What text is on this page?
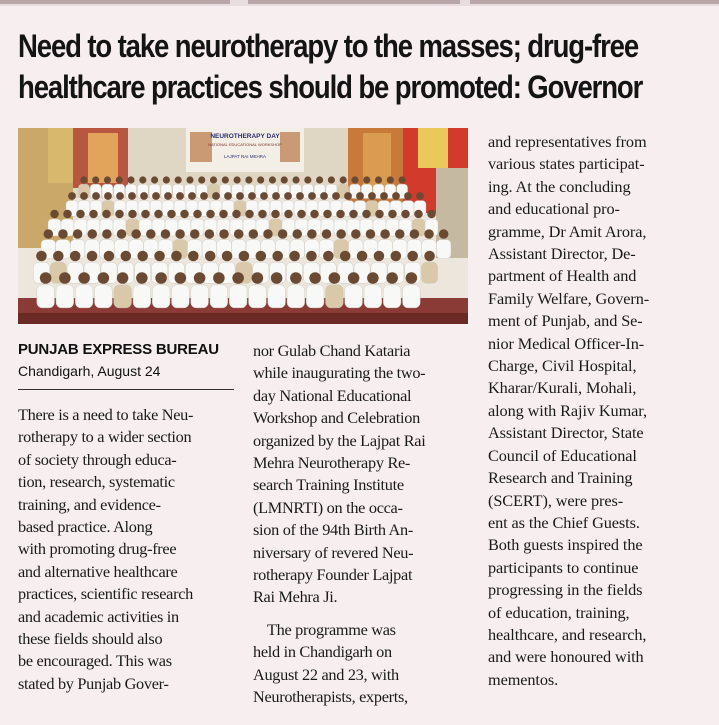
Need to take neurotherapy to the masses; drug-free
healthcare practices should be promoted: Governor
NEUROTHERAPY DAY
NATIONAL EDUCATIONAL WORKSHOP
LAJPAT RAI MEHRA
PUNJAB EXPRESS BUREAU
Chandigarh, August 24
There is a need to take Neu-
rotherapy to a wider section
of society through educa-
tion, research, systematic
training, and evidence-
based practice. Along
with promoting drug-free
and alternative healthcare
practices, scientific research
and academic activities in
these fields should also
be encouraged. This was
stated by Punjab Gover-
nor Gulab Chand Kataria
while inaugurating the two-
day National Educational
Workshop and Celebration
organized by the Lajpat Rai
Mehra Neurotherapy Re-
search Training Institute
(LMNRTI) on the occa-
sion of the 94th Birth An-
niversary of revered Neu-
rotherapy Founder Lajpat
Rai Mehra Ji.
The programme was
held in Chandigarh on
August 22 and 23, with
Neurotherapists, experts,
and representatives from
various states participat-
ing. At the concluding
and educational pro-
gramme, Dr Amit Arora,
Assistant Director, De-
partment of Health and
Family Welfare, Govern-
ment of Punjab, and Se-
nior Medical Officer-In-
Charge, Civil Hospital,
Kharar/Kurali, Mohali,
along with Rajiv Kumar,
Assistant Director, State
Council of Educational
Research and Training
(SCERT), were pres-
ent as the Chief Guests.
Both guests inspired the
participants to continue
progressing in the fields
of education, training,
healthcare, and research,
and were honoured with
mementos.
